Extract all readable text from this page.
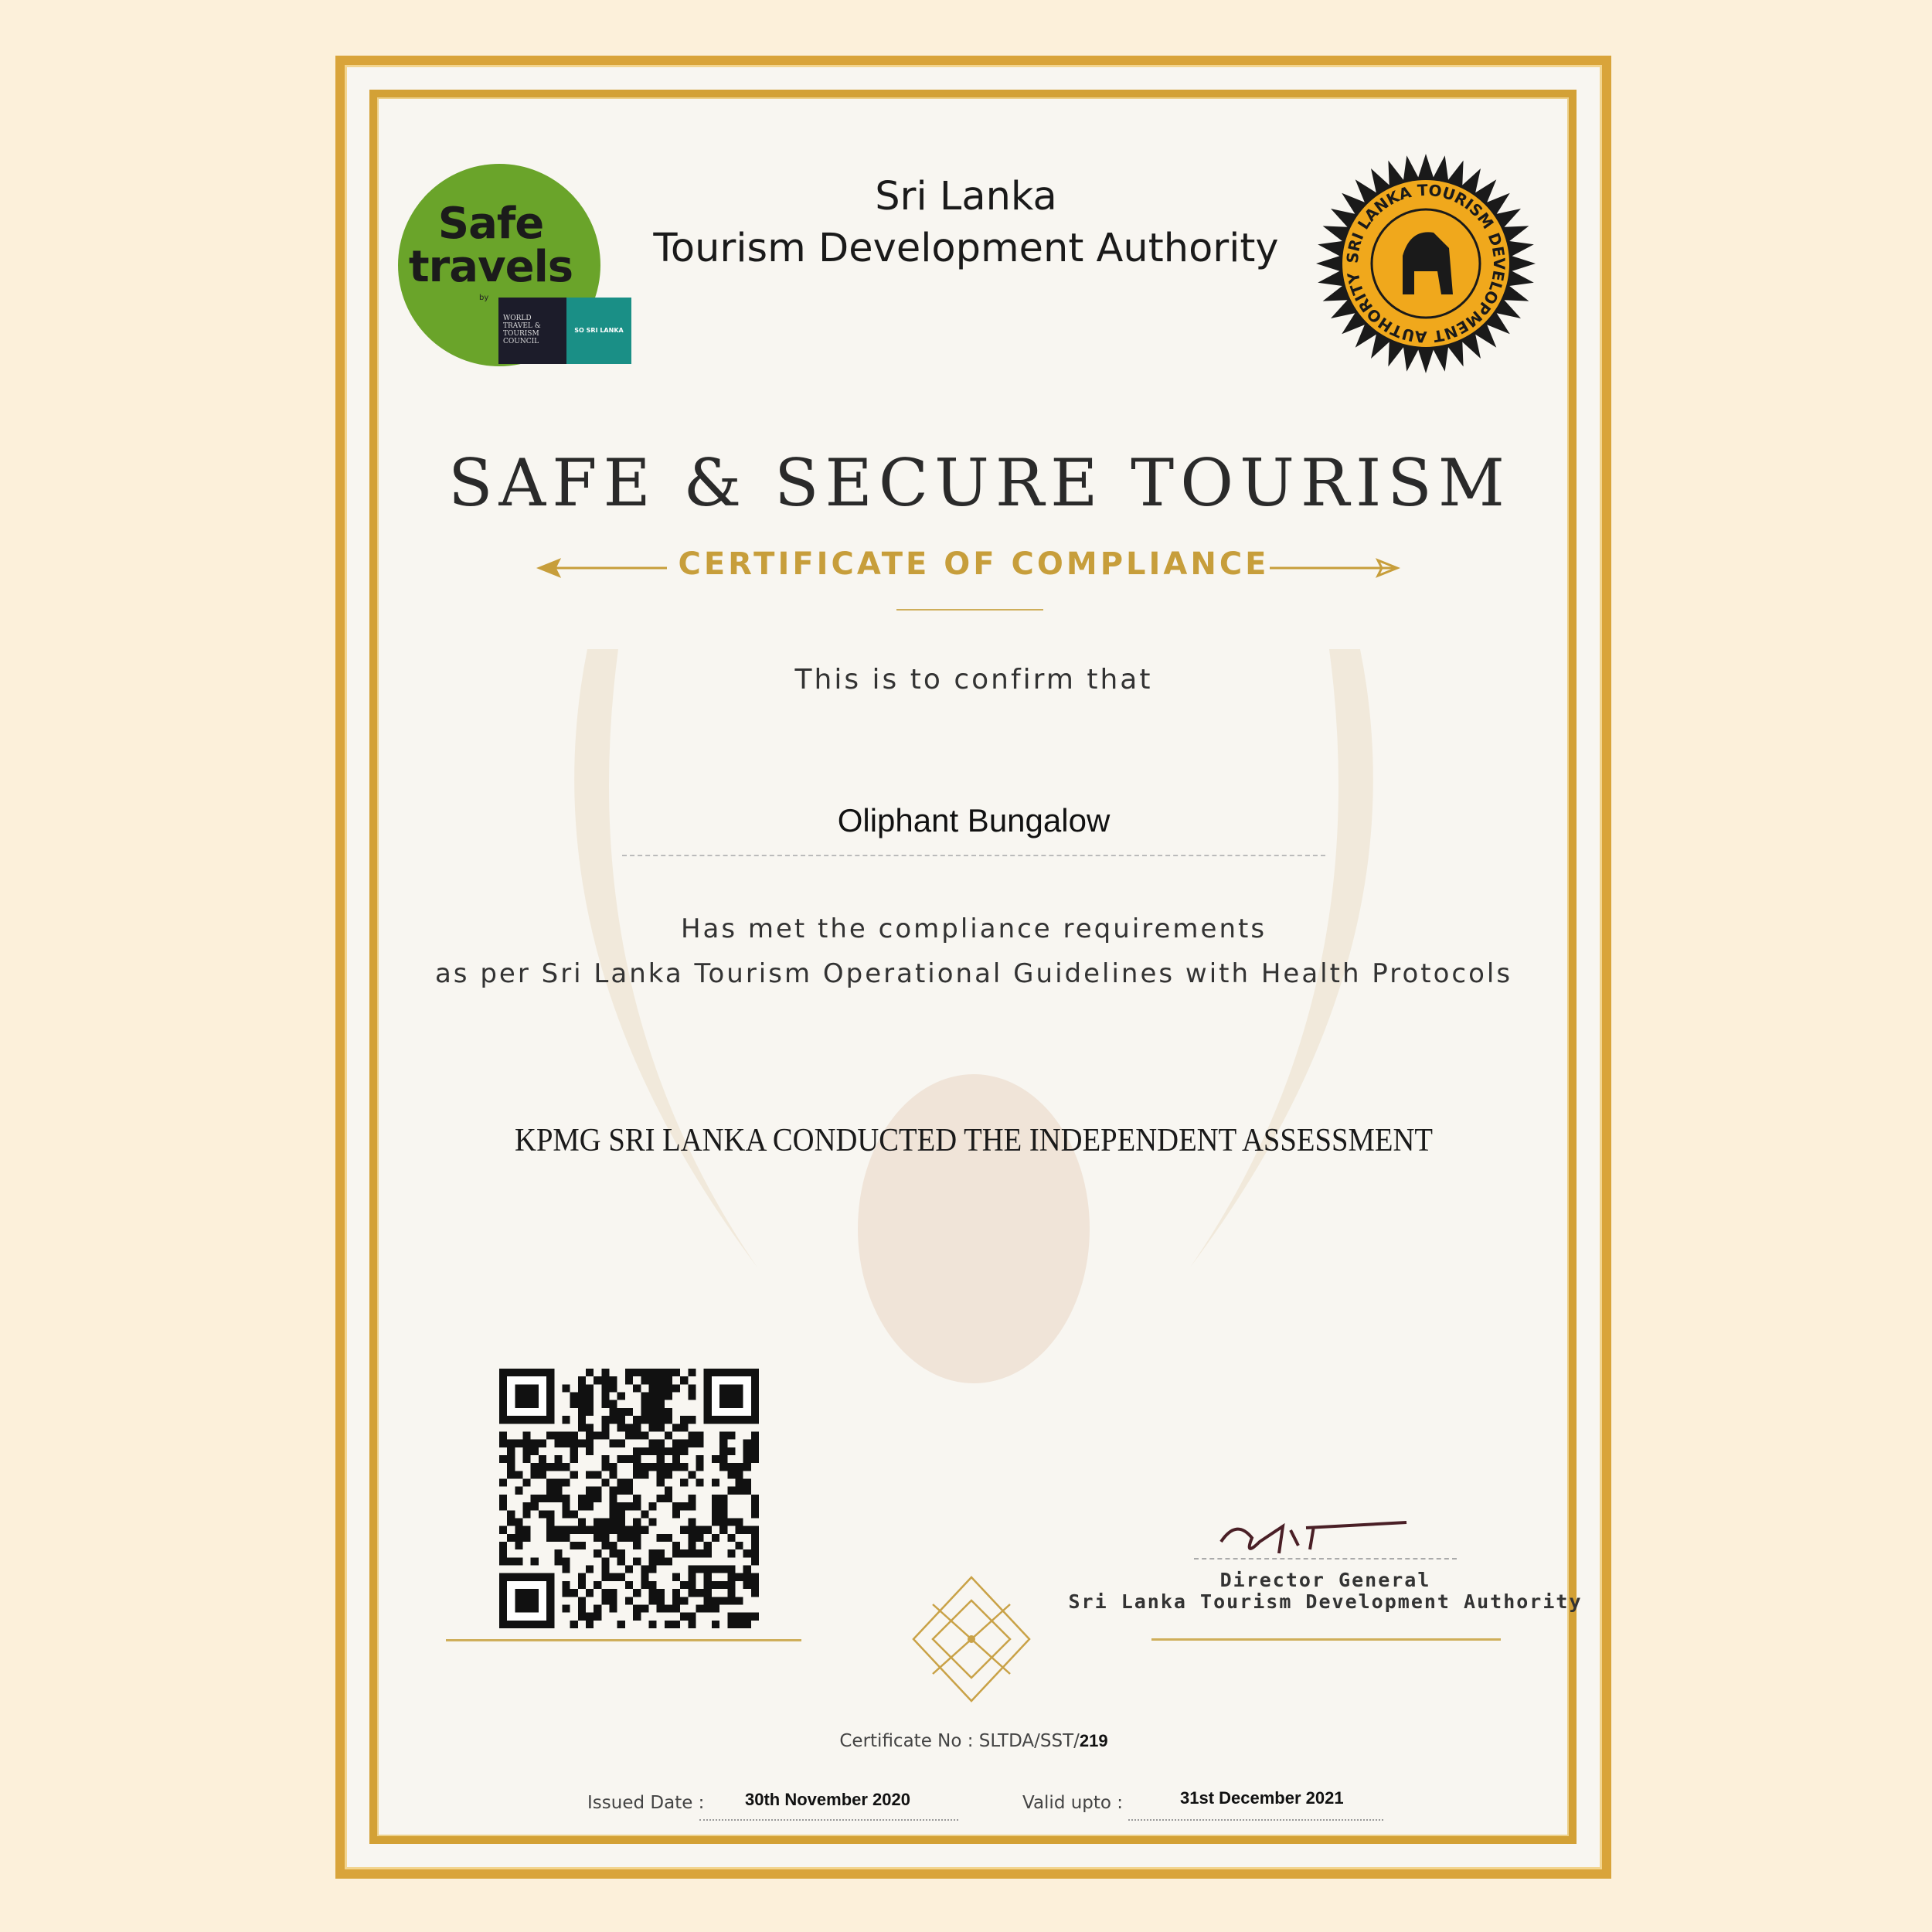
Safe travels
by
WORLD TRAVEL & TOURISM COUNCIL
SO SRI LANKA
Sri Lanka
Tourism Development Authority	SRI LANKA TOURISM DEVELOPMENT AUTHORITY
SAFE & SECURE TOURISM
CERTIFICATE OF COMPLIANCE
This is to confirm that
Oliphant Bungalow
Has met the compliance requirements
as per Sri Lanka Tourism Operational Guidelines with Health Protocols
KPMG SRI LANKA CONDUCTED THE INDEPENDENT ASSESSMENT
Director General
Sri Lanka Tourism Development Authority
Certificate No : SLTDA/SST/219
Issued Date : 30th November 2020	Valid upto :	31st December 2021
